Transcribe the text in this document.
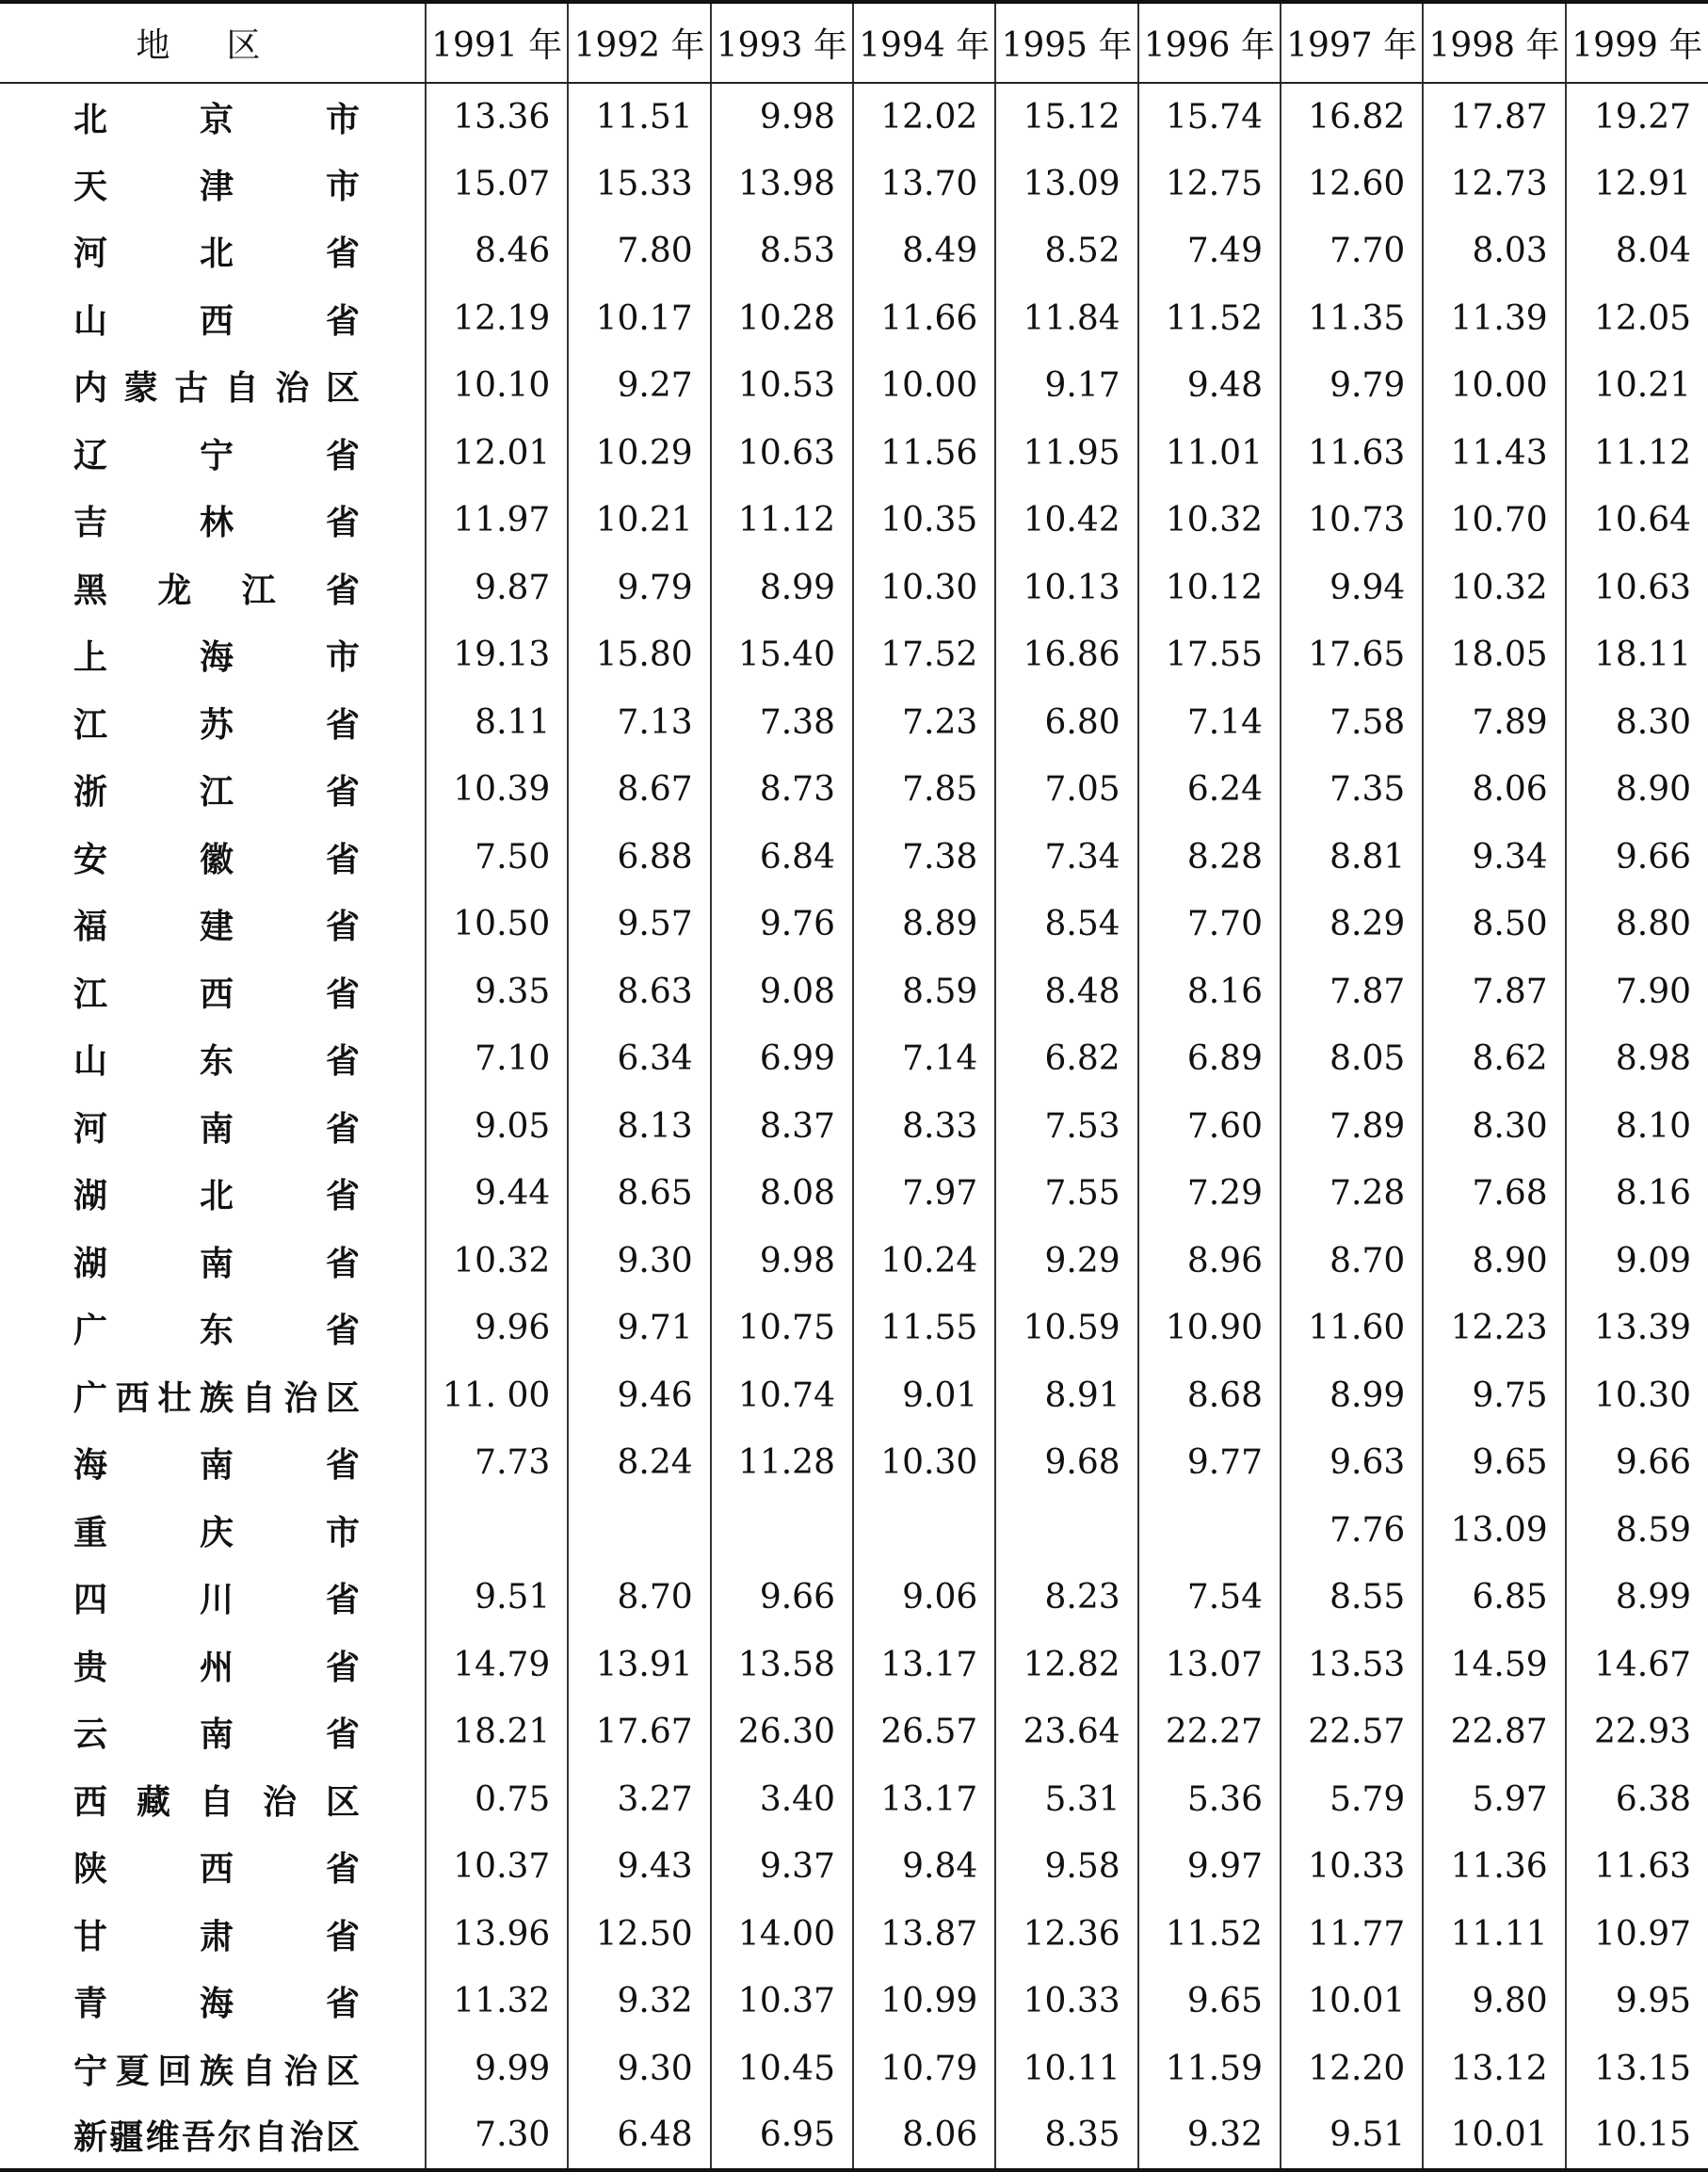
地区	1991 年	1992 年	1993 年	1994 年	1995 年	1996 年	1997 年	1998 年	1999 年
北京市	13.36	11.51	9.98	12.02	15.12	15.74	16.82	17.87	19.27
天津市	15.07	15.33	13.98	13.70	13.09	12.75	12.60	12.73	12.91
河北省	8.46	7.80	8.53	8.49	8.52	7.49	7.70	8.03	8.04
山西省	12.19	10.17	10.28	11.66	11.84	11.52	11.35	11.39	12.05
内蒙古自治区	10.10	9.27	10.53	10.00	9.17	9.48	9.79	10.00	10.21
辽宁省	12.01	10.29	10.63	11.56	11.95	11.01	11.63	11.43	11.12
吉林省	11.97	10.21	11.12	10.35	10.42	10.32	10.73	10.70	10.64
黑龙江省	9.87	9.79	8.99	10.30	10.13	10.12	9.94	10.32	10.63
上海市	19.13	15.80	15.40	17.52	16.86	17.55	17.65	18.05	18.11
江苏省	8.11	7.13	7.38	7.23	6.80	7.14	7.58	7.89	8.30
浙江省	10.39	8.67	8.73	7.85	7.05	6.24	7.35	8.06	8.90
安徽省	7.50	6.88	6.84	7.38	7.34	8.28	8.81	9.34	9.66
福建省	10.50	9.57	9.76	8.89	8.54	7.70	8.29	8.50	8.80
江西省	9.35	8.63	9.08	8.59	8.48	8.16	7.87	7.87	7.90
山东省	7.10	6.34	6.99	7.14	6.82	6.89	8.05	8.62	8.98
河南省	9.05	8.13	8.37	8.33	7.53	7.60	7.89	8.30	8.10
湖北省	9.44	8.65	8.08	7.97	7.55	7.29	7.28	7.68	8.16
湖南省	10.32	9.30	9.98	10.24	9.29	8.96	8.70	8.90	9.09
广东省	9.96	9.71	10.75	11.55	10.59	10.90	11.60	12.23	13.39
广西壮族自治区	11. 00	9.46	10.74	9.01	8.91	8.68	8.99	9.75	10.30
海南省	7.73	8.24	11.28	10.30	9.68	9.77	9.63	9.65	9.66
重庆市							7.76	13.09	8.59
四川省	9.51	8.70	9.66	9.06	8.23	7.54	8.55	6.85	8.99
贵州省	14.79	13.91	13.58	13.17	12.82	13.07	13.53	14.59	14.67
云南省	18.21	17.67	26.30	26.57	23.64	22.27	22.57	22.87	22.93
西藏自治区	0.75	3.27	3.40	13.17	5.31	5.36	5.79	5.97	6.38
陕西省	10.37	9.43	9.37	9.84	9.58	9.97	10.33	11.36	11.63
甘肃省	13.96	12.50	14.00	13.87	12.36	11.52	11.77	11.11	10.97
青海省	11.32	9.32	10.37	10.99	10.33	9.65	10.01	9.80	9.95
宁夏回族自治区	9.99	9.30	10.45	10.79	10.11	11.59	12.20	13.12	13.15
新疆维吾尔自治区	7.30	6.48	6.95	8.06	8.35	9.32	9.51	10.01	10.15
